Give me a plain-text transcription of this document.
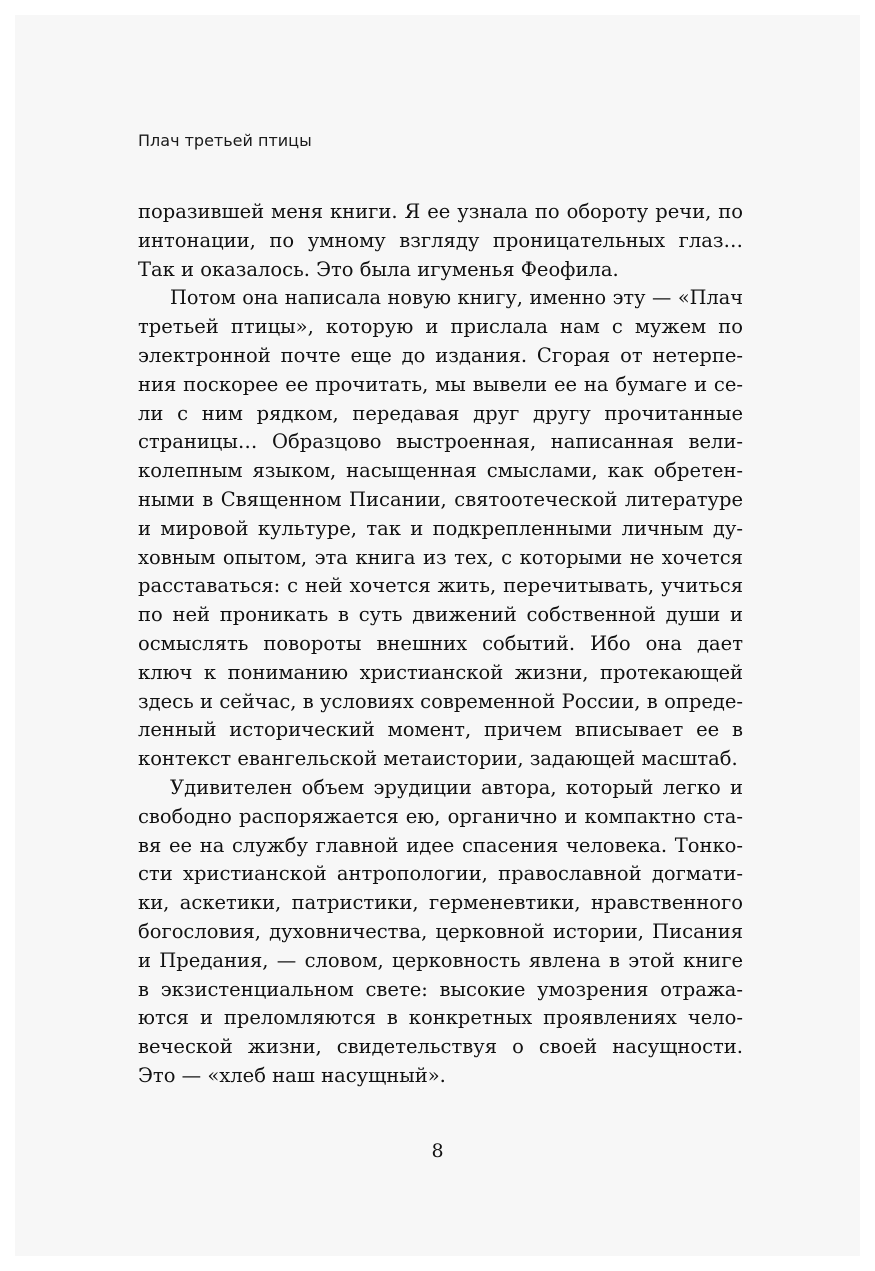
Плач третьей птицы
поразившей меня книги. Я ее узнала по обороту речи, по
интонации, по умному взгляду проницательных глаз…
Так и оказалось. Это была игуменья Феофила.
Потом она написала новую книгу, именно эту — «Плач
третьей птицы», которую и прислала нам с мужем по
электронной почте еще до издания. Сгорая от нетерпе-
ния поскорее ее прочитать, мы вывели ее на бумаге и се-
ли с ним рядком, передавая друг другу прочитанные
страницы… Образцово выстроенная, написанная вели-
колепным языком, насыщенная смыслами, как обретен-
ными в Священном Писании, святоотеческой литературе
и мировой культуре, так и подкрепленными личным ду-
ховным опытом, эта книга из тех, с которыми не хочется
расставаться: с ней хочется жить, перечитывать, учиться
по ней проникать в суть движений собственной души и
осмыслять повороты внешних событий. Ибо она дает
ключ к пониманию христианской жизни, протекающей
здесь и сейчас, в условиях современной России, в опреде-
ленный исторический момент, причем вписывает ее в
контекст евангельской метаистории, задающей масштаб.
Удивителен объем эрудиции автора, который легко и
свободно распоряжается ею, органично и компактно ста-
вя ее на службу главной идее спасения человека. Тонко-
сти христианской антропологии, православной догмати-
ки, аскетики, патристики, герменевтики, нравственного
богословия, духовничества, церковной истории, Писания
и Предания, — словом, церковность явлена в этой книге
в экзистенциальном свете: высокие умозрения отража-
ются и преломляются в конкретных проявлениях чело-
веческой жизни, свидетельствуя о своей насущности.
Это — «хлеб наш насущный».
8
